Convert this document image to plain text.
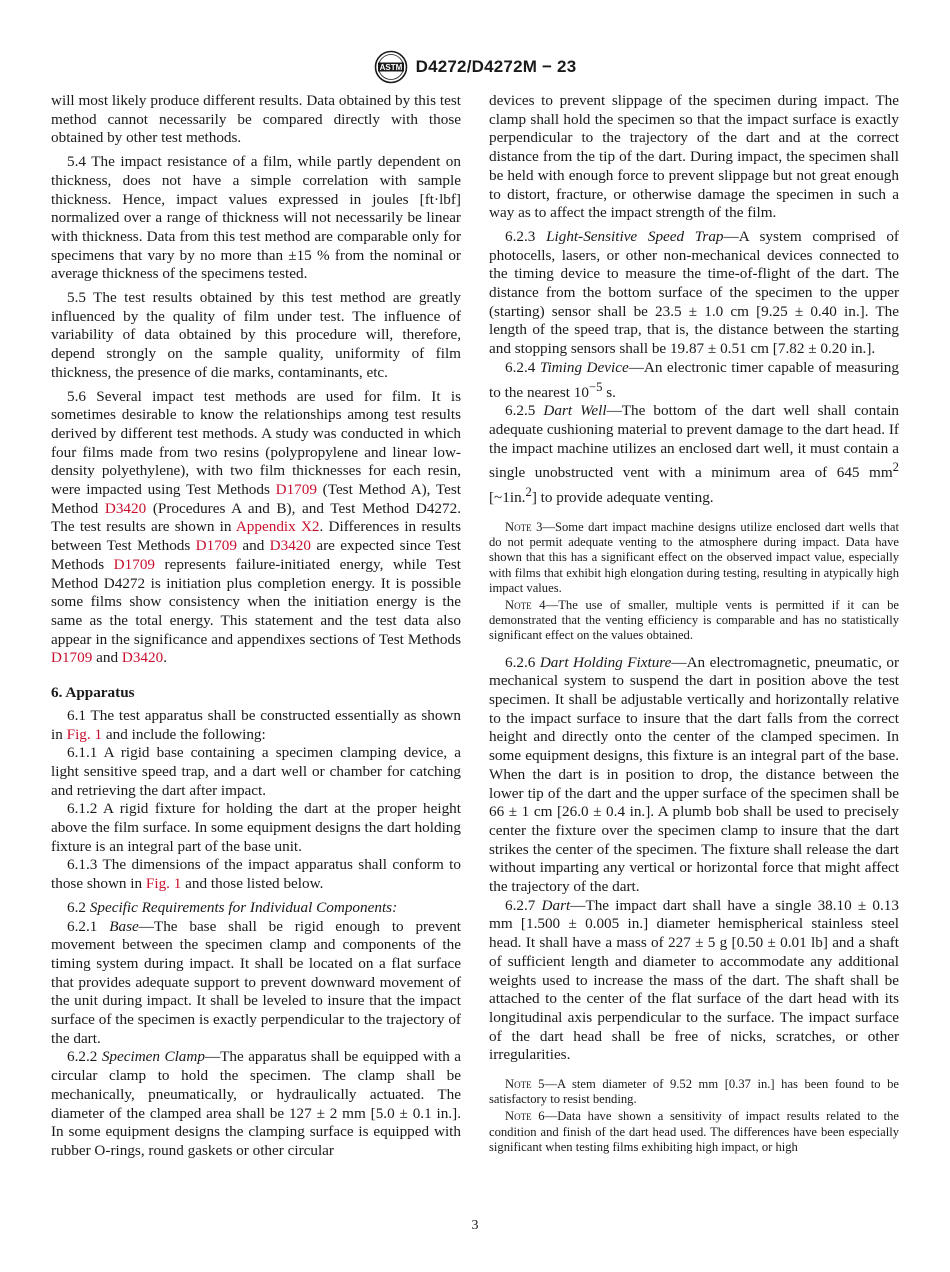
ASTM D4272/D4272M − 23

will most likely produce different results. Data obtained by this test method cannot necessarily be compared directly with those obtained by other test methods.

5.4 The impact resistance of a film, while partly dependent on thickness, does not have a simple correlation with sample thickness. Hence, impact values expressed in joules [ft·lbf] normalized over a range of thickness will not necessarily be linear with thickness. Data from this test method are comparable only for specimens that vary by no more than ±15 % from the nominal or average thickness of the specimens tested.

5.5 The test results obtained by this test method are greatly influenced by the quality of film under test. The influence of variability of data obtained by this procedure will, therefore, depend strongly on the sample quality, uniformity of film thickness, the presence of die marks, contaminants, etc.

5.6 Several impact test methods are used for film. It is sometimes desirable to know the relationships among test results derived by different test methods. A study was conducted in which four films made from two resins (polypropylene and linear low-density polyethylene), with two film thicknesses for each resin, were impacted using Test Methods D1709 (Test Method A), Test Method D3420 (Procedures A and B), and Test Method D4272. The test results are shown in Appendix X2. Differences in results between Test Methods D1709 and D3420 are expected since Test Methods D1709 represents failure-initiated energy, while Test Method D4272 is initiation plus completion energy. It is possible some films show consistency when the initiation energy is the same as the total energy. This statement and the test data also appear in the significance and appendixes sections of Test Methods D1709 and D3420.

6. Apparatus

6.1 The test apparatus shall be constructed essentially as shown in Fig. 1 and include the following:

6.1.1 A rigid base containing a specimen clamping device, a light sensitive speed trap, and a dart well or chamber for catching and retrieving the dart after impact.

6.1.2 A rigid fixture for holding the dart at the proper height above the film surface. In some equipment designs the dart holding fixture is an integral part of the base unit.

6.1.3 The dimensions of the impact apparatus shall conform to those shown in Fig. 1 and those listed below.

6.2 Specific Requirements for Individual Components:

6.2.1 Base—The base shall be rigid enough to prevent movement between the specimen clamp and components of the timing system during impact. It shall be located on a flat surface that provides adequate support to prevent downward movement of the unit during impact. It shall be leveled to insure that the impact surface of the specimen is exactly perpendicular to the trajectory of the dart.

6.2.2 Specimen Clamp—The apparatus shall be equipped with a circular clamp to hold the specimen. The clamp shall be mechanically, pneumatically, or hydraulically actuated. The diameter of the clamped area shall be 127 ± 2 mm [5.0 ± 0.1 in.]. In some equipment designs the clamping surface is equipped with rubber O-rings, round gaskets or other circular

devices to prevent slippage of the specimen during impact. The clamp shall hold the specimen so that the impact surface is exactly perpendicular to the trajectory of the dart and at the correct distance from the tip of the dart. During impact, the specimen shall be held with enough force to prevent slippage but not great enough to distort, fracture, or otherwise damage the specimen in such a way as to affect the impact strength of the film.

6.2.3 Light-Sensitive Speed Trap—A system comprised of photocells, lasers, or other non-mechanical devices connected to the timing device to measure the time-of-flight of the dart. The distance from the bottom surface of the specimen to the upper (starting) sensor shall be 23.5 ± 1.0 cm [9.25 ± 0.40 in.]. The length of the speed trap, that is, the distance between the starting and stopping sensors shall be 19.87 ± 0.51 cm [7.82 ± 0.20 in.].

6.2.4 Timing Device—An electronic timer capable of measuring to the nearest $10^{-5}$ s.

6.2.5 Dart Well—The bottom of the dart well shall contain adequate cushioning material to prevent damage to the dart head. If the impact machine utilizes an enclosed dart well, it must contain a single unobstructed vent with a minimum area of 645 $mm^2$ [~1in.$^2$] to provide adequate venting.

Note 3—Some dart impact machine designs utilize enclosed dart wells that do not permit adequate venting to the atmosphere during impact. Data have shown that this has a significant effect on the observed impact value, especially with films that exhibit high elongation during testing, resulting in atypically high impact values.

Note 4—The use of smaller, multiple vents is permitted if it can be demonstrated that the venting efficiency is comparable and has no statistically significant effect on the values obtained.

6.2.6 Dart Holding Fixture—An electromagnetic, pneumatic, or mechanical system to suspend the dart in position above the test specimen. It shall be adjustable vertically and horizontally relative to the impact surface to insure that the dart falls from the correct height and directly onto the center of the clamped specimen. In some equipment designs, this fixture is an integral part of the base. When the dart is in position to drop, the distance between the lower tip of the dart and the upper surface of the specimen shall be 66 ± 1 cm [26.0 ± 0.4 in.]. A plumb bob shall be used to precisely center the fixture over the specimen clamp to insure that the dart strikes the center of the specimen. The fixture shall release the dart without imparting any vertical or horizontal force that might affect the trajectory of the dart.

6.2.7 Dart—The impact dart shall have a single 38.10 ± 0.13 mm [1.500 ± 0.005 in.] diameter hemispherical stainless steel head. It shall have a mass of 227 ± 5 g [0.50 ± 0.01 lb] and a shaft of sufficient length and diameter to accommodate any additional weights used to increase the mass of the dart. The shaft shall be attached to the center of the flat surface of the dart head with its longitudinal axis perpendicular to the surface. The impact surface of the dart head shall be free of nicks, scratches, or other irregularities.

Note 5—A stem diameter of 9.52 mm [0.37 in.] has been found to be satisfactory to resist bending.

Note 6—Data have shown a sensitivity of impact results related to the condition and finish of the dart head used. The differences have been especially significant when testing films exhibiting high impact, or high

3
